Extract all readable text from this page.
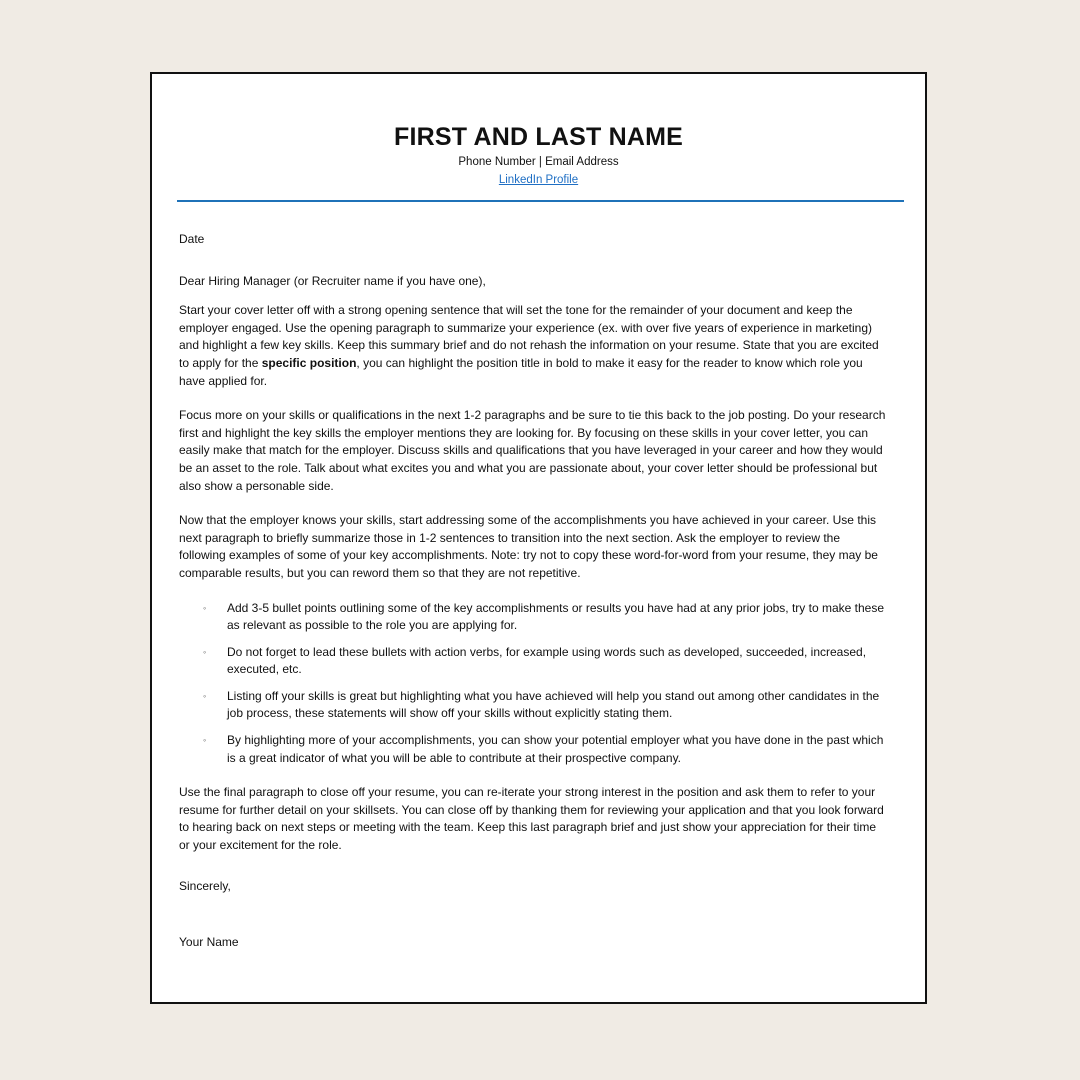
FIRST AND LAST NAME
Phone Number | Email Address
LinkedIn Profile

Date

Dear Hiring Manager (or Recruiter name if you have one),

Start your cover letter off with a strong opening sentence that will set the tone for the remainder of your document and keep the employer engaged. Use the opening paragraph to summarize your experience (ex. with over five years of experience in marketing) and highlight a few key skills. Keep this summary brief and do not rehash the information on your resume. State that you are excited to apply for the specific position, you can highlight the position title in bold to make it easy for the reader to know which role you have applied for.

Focus more on your skills or qualifications in the next 1-2 paragraphs and be sure to tie this back to the job posting. Do your research first and highlight the key skills the employer mentions they are looking for. By focusing on these skills in your cover letter, you can easily make that match for the employer. Discuss skills and qualifications that you have leveraged in your career and how they would be an asset to the role. Talk about what excites you and what you are passionate about, your cover letter should be professional but also show a personable side.

Now that the employer knows your skills, start addressing some of the accomplishments you have achieved in your career. Use this next paragraph to briefly summarize those in 1-2 sentences to transition into the next section. Ask the employer to review the following examples of some of your key accomplishments. Note: try not to copy these word-for-word from your resume, they may be comparable results, but you can reword them so that they are not repetitive.

◦ Add 3-5 bullet points outlining some of the key accomplishments or results you have had at any prior jobs, try to make these as relevant as possible to the role you are applying for.
◦ Do not forget to lead these bullets with action verbs, for example using words such as developed, succeeded, increased, executed, etc.
◦ Listing off your skills is great but highlighting what you have achieved will help you stand out among other candidates in the job process, these statements will show off your skills without explicitly stating them.
◦ By highlighting more of your accomplishments, you can show your potential employer what you have done in the past which is a great indicator of what you will be able to contribute at their prospective company.

Use the final paragraph to close off your resume, you can re-iterate your strong interest in the position and ask them to refer to your resume for further detail on your skillsets. You can close off by thanking them for reviewing your application and that you look forward to hearing back on next steps or meeting with the team. Keep this last paragraph brief and just show your appreciation for their time or your excitement for the role.

Sincerely,

Your Name
